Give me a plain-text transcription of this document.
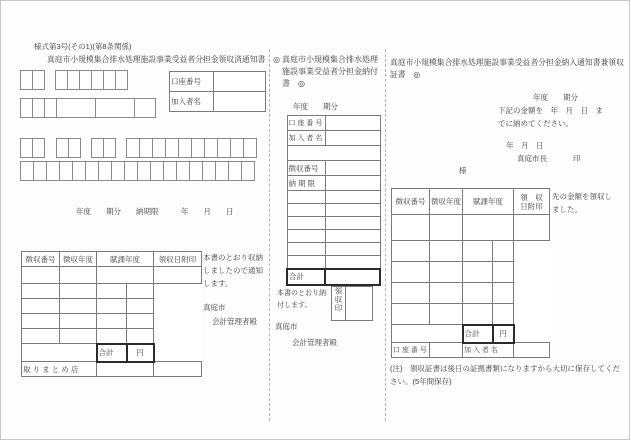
様式第3号(その1)(第8条関係)
真庭市小規模集合排水処理施設事業受益者分担金領収済通知書　◎
口座番号	
加入者名	
年度　　期分　　納期限　　　年　　月　　日
徴収番号	徴収年度	賦課年度		領収日附印

		合計	円	
取 り ま と め 店				
本書のとおり収納しましたので通知します。
真庭市
会計管理者殿
真庭市小規模集合排水処理施設事業受益者分担金納付書　◎
年度　　期分
口 座 番 号	
加 入 者 名	

徴収番号	
納 期 限	

合計	
本書のとおり納付します。	領収印	
真庭市
会計管理者殿
真庭市小規模集合排水処理施設事業受益者分担金納入通知書兼領収証書　◎
年度　　期分
下記の金額を　年　月　日　ま
でに納めてください。
年　月　日
真庭市長	印
様
徴収番号	徴収年度	賦課年度		領　収
日附印

		合計	円	
口 座 番 号		加 入 者 名		
先の金額を領収しました。
(注)　領収証書は後日の証拠書類になりますから大切に保存してくだ
さい。(5年間保存)
